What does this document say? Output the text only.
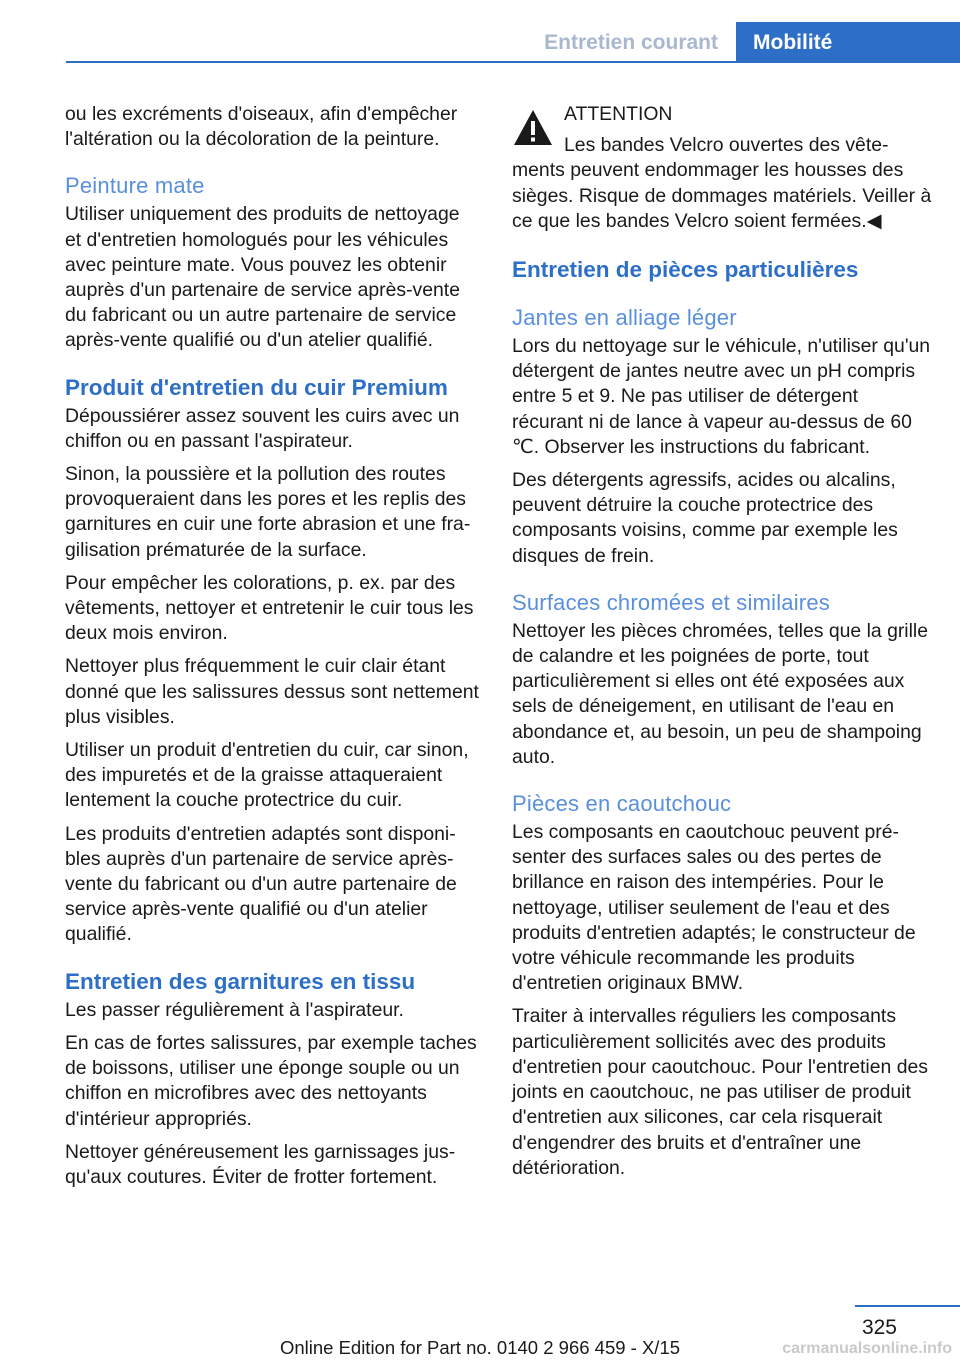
Entretien courant	Mobilité

ou les excréments d'oiseaux, afin d'empêcher l'altération ou la décoloration de la peinture.

Peinture mate

Utiliser uniquement des produits de nettoyage et d'entretien homologués pour les véhicules avec peinture mate. Vous pouvez les obtenir auprès d'un partenaire de service après-vente du fabricant ou un autre partenaire de service après-vente qualifié ou d'un atelier qualifié.

Produit d'entretien du cuir Premium

Dépoussiérer assez souvent les cuirs avec un chiffon ou en passant l'aspirateur.

Sinon, la poussière et la pollution des routes provoqueraient dans les pores et les replis des garnitures en cuir une forte abrasion et une fragilisation prématurée de la surface.

Pour empêcher les colorations, p. ex. par des vêtements, nettoyer et entretenir le cuir tous les deux mois environ.

Nettoyer plus fréquemment le cuir clair étant donné que les salissures dessus sont nettement plus visibles.

Utiliser un produit d'entretien du cuir, car sinon, des impuretés et de la graisse attaqueraient lentement la couche protectrice du cuir.

Les produits d'entretien adaptés sont disponibles auprès d'un partenaire de service après-vente du fabricant ou d'un autre partenaire de service après-vente qualifié ou d'un atelier qualifié.

Entretien des garnitures en tissu

Les passer régulièrement à l'aspirateur.

En cas de fortes salissures, par exemple taches de boissons, utiliser une éponge souple ou un chiffon en microfibres avec des nettoyants d'intérieur appropriés.

Nettoyer généreusement les garnissages jusqu'aux coutures. Éviter de frotter fortement.

ATTENTION

Les bandes Velcro ouvertes des vêtements peuvent endommager les housses des sièges. Risque de dommages matériels. Veiller à ce que les bandes Velcro soient fermées.◀

Entretien de pièces particulières
Jantes en alliage léger

Lors du nettoyage sur le véhicule, n'utiliser qu'un détergent de jantes neutre avec un pH compris entre 5 et 9. Ne pas utiliser de détergent récurant ni de lance à vapeur au-dessus de 60 ℃. Observer les instructions du fabricant.

Des détergents agressifs, acides ou alcalins, peuvent détruire la couche protectrice des composants voisins, comme par exemple les disques de frein.

Surfaces chromées et similaires

Nettoyer les pièces chromées, telles que la grille de calandre et les poignées de porte, tout particulièrement si elles ont été exposées aux sels de déneigement, en utilisant de l'eau en abondance et, au besoin, un peu de shampoing auto.

Pièces en caoutchouc

Les composants en caoutchouc peuvent présenter des surfaces sales ou des pertes de brillance en raison des intempéries. Pour le nettoyage, utiliser seulement de l'eau et des produits d'entretien adaptés; le constructeur de votre véhicule recommande les produits d'entretien originaux BMW.

Traiter à intervalles réguliers les composants particulièrement sollicités avec des produits d'entretien pour caoutchouc. Pour l'entretien des joints en caoutchouc, ne pas utiliser de produit d'entretien aux silicones, car cela risquerait d'engendrer des bruits et d'entraîner une détérioration.

325
Online Edition for Part no. 0140 2 966 459 - X/15	carmanualsonline.info
